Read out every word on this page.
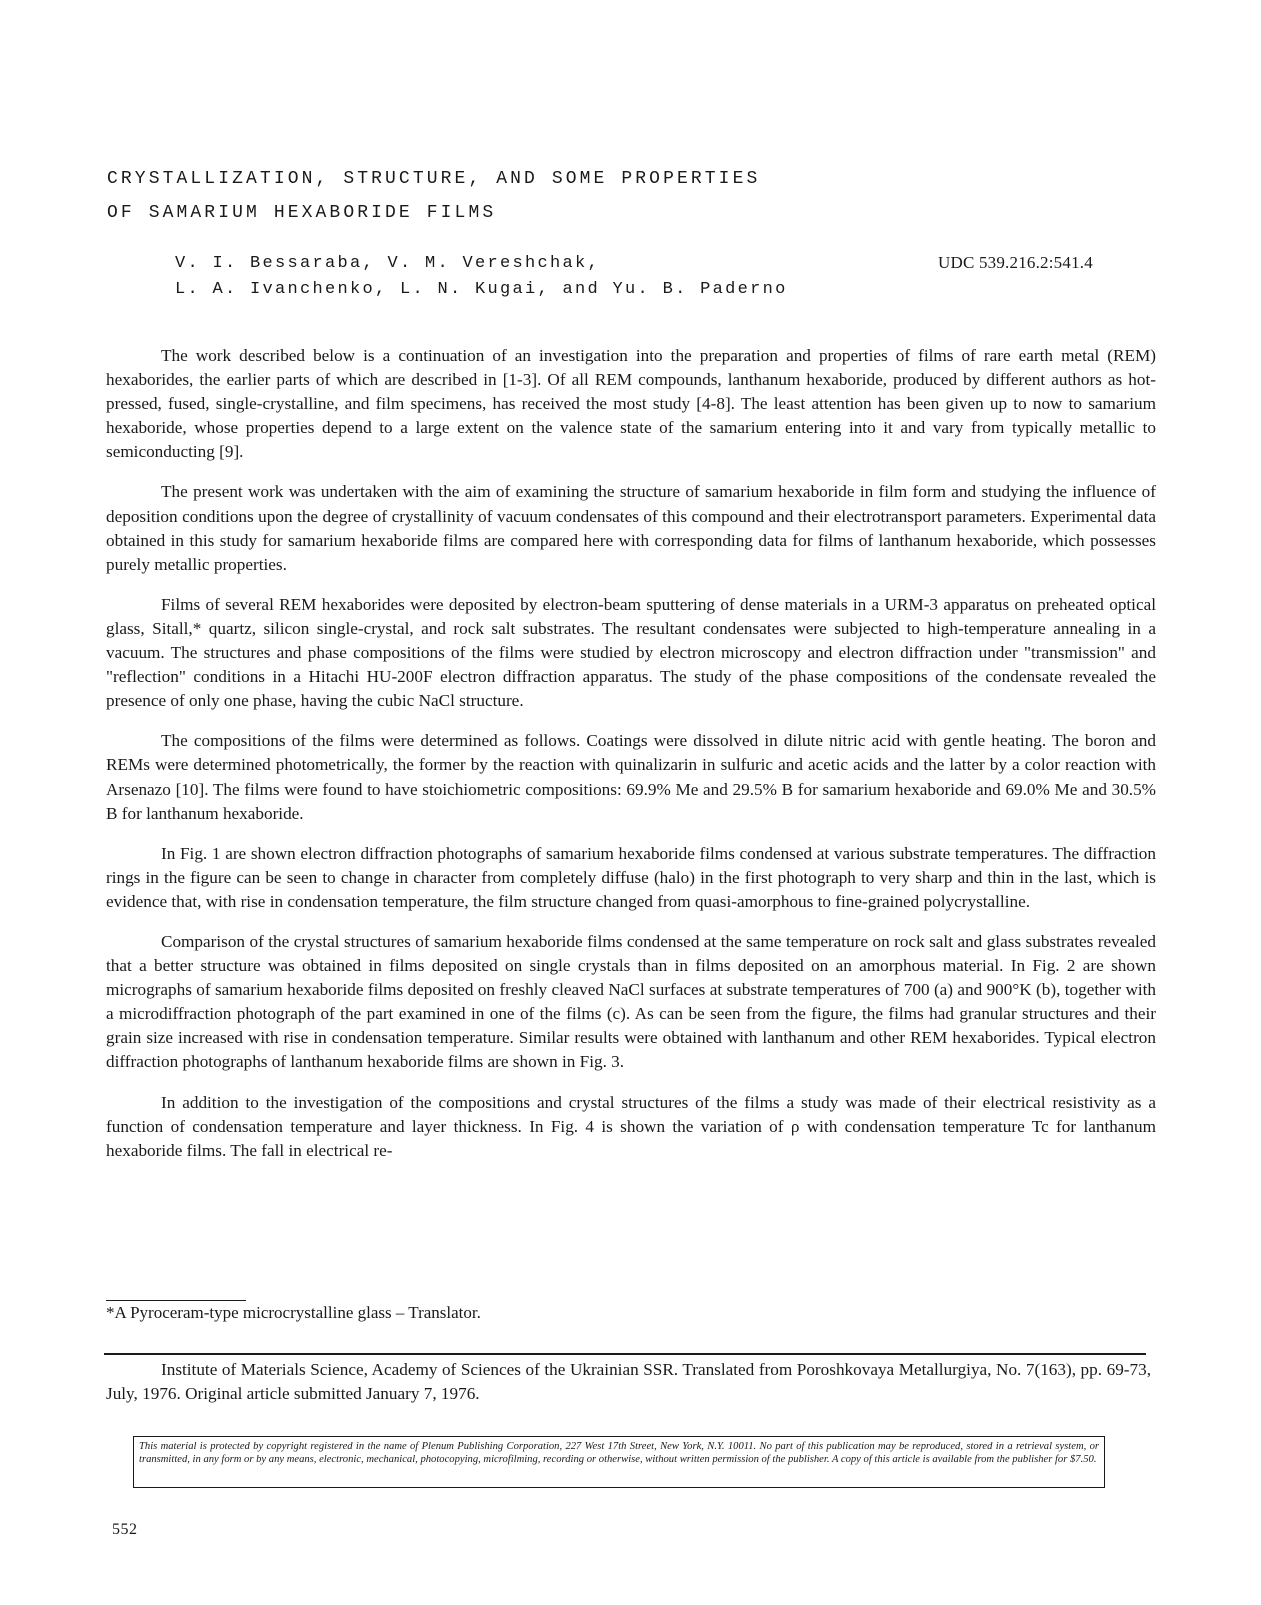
CRYSTALLIZATION, STRUCTURE, AND SOME PROPERTIES
OF SAMARIUM HEXABORIDE FILMS
V. I. Bessaraba, V. M. Vereshchak,
L. A. Ivanchenko, L. N. Kugai, and Yu. B. Paderno
UDC 539.216.2:541.4

The work described below is a continuation of an investigation into the preparation and properties of films of rare earth metal (REM) hexaborides, the earlier parts of which are described in [1-3]. Of all REM compounds, lanthanum hexaboride, produced by different authors as hot-pressed, fused, single-crystalline, and film specimens, has received the most study [4-8]. The least attention has been given up to now to samarium hexaboride, whose properties depend to a large extent on the valence state of the samarium entering into it and vary from typically metallic to semiconducting [9].

The present work was undertaken with the aim of examining the structure of samarium hexaboride in film form and studying the influence of deposition conditions upon the degree of crystallinity of vacuum condensates of this compound and their electrotransport parameters. Experimental data obtained in this study for samarium hexaboride films are compared here with corresponding data for films of lanthanum hexaboride, which possesses purely metallic properties.

Films of several REM hexaborides were deposited by electron-beam sputtering of dense materials in a URM-3 apparatus on preheated optical glass, Sitall,* quartz, silicon single-crystal, and rock salt substrates. The resultant condensates were subjected to high-temperature annealing in a vacuum. The structures and phase compositions of the films were studied by electron microscopy and electron diffraction under "transmission" and "reflection" conditions in a Hitachi HU-200F electron diffraction apparatus. The study of the phase compositions of the condensate revealed the presence of only one phase, having the cubic NaCl structure.

The compositions of the films were determined as follows. Coatings were dissolved in dilute nitric acid with gentle heating. The boron and REMs were determined photometrically, the former by the reaction with quinalizarin in sulfuric and acetic acids and the latter by a color reaction with Arsenazo [10]. The films were found to have stoichiometric compositions: 69.9% Me and 29.5% B for samarium hexaboride and 69.0% Me and 30.5% B for lanthanum hexaboride.

In Fig. 1 are shown electron diffraction photographs of samarium hexaboride films condensed at various substrate temperatures. The diffraction rings in the figure can be seen to change in character from completely diffuse (halo) in the first photograph to very sharp and thin in the last, which is evidence that, with rise in condensation temperature, the film structure changed from quasi-amorphous to fine-grained polycrystalline.

Comparison of the crystal structures of samarium hexaboride films condensed at the same temperature on rock salt and glass substrates revealed that a better structure was obtained in films deposited on single crystals than in films deposited on an amorphous material. In Fig. 2 are shown micrographs of samarium hexaboride films deposited on freshly cleaved NaCl surfaces at substrate temperatures of 700 (a) and 900°K (b), together with a microdiffraction photograph of the part examined in one of the films (c). As can be seen from the figure, the films had granular structures and their grain size increased with rise in condensation temperature. Similar results were obtained with lanthanum and other REM hexaborides. Typical electron diffraction photographs of lanthanum hexaboride films are shown in Fig. 3.

In addition to the investigation of the compositions and crystal structures of the films a study was made of their electrical resistivity as a function of condensation temperature and layer thickness. In Fig. 4 is shown the variation of ρ with condensation temperature Tc for lanthanum hexaboride films. The fall in electrical re-

*A Pyroceram-type microcrystalline glass – Translator.
Institute of Materials Science, Academy of Sciences of the Ukrainian SSR. Translated from Poroshkovaya Metallurgiya, No. 7(163), pp. 69-73, July, 1976. Original article submitted January 7, 1976.
This material is protected by copyright registered in the name of Plenum Publishing Corporation, 227 West 17th Street, New York, N.Y. 10011. No part of this publication may be reproduced, stored in a retrieval system, or transmitted, in any form or by any means, electronic, mechanical, photocopying, microfilming, recording or otherwise, without written permission of the publisher. A copy of this article is available from the publisher for $7.50.
552
